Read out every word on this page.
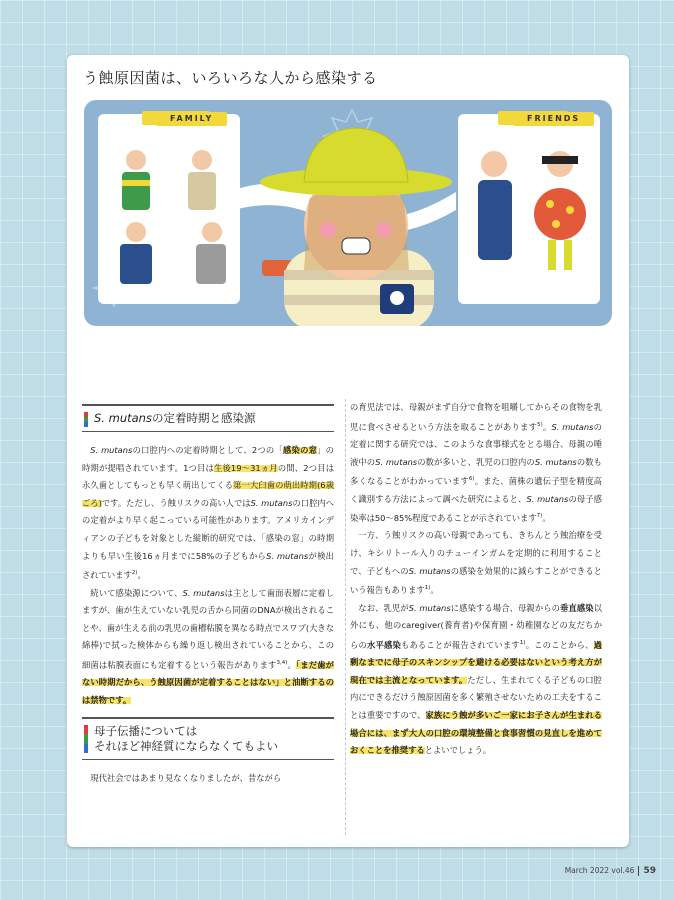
う蝕原因菌は、いろいろな人から感染する
FAMILY	FRIENDS
S. mutansの定着時期と感染源

S. mutansの口腔内への定着時期として、2つの「感染の窓」の時期が提唱されています。1つ目は生後19〜31ヵ月の間、2つ目は永久歯としてもっとも早く萌出してくる第一大臼歯の萌出時期(6歳ごろ)です。ただし、う蝕リスクの高い人ではS. mutansの口腔内への定着がより早く起こっている可能性があります。アメリカインディアンの子どもを対象とした縦断的研究では、「感染の窓」の時期よりも早い生後16ヵ月までに58%の子どもからS. mutansが検出されています$^{2)}$。

続いて感染源について、S. mutansは主として歯面表層に定着しますが、歯が生えていない乳児の舌から同菌のDNAが検出されることや、歯が生える前の乳児の歯槽粘膜を異なる時点でスワブ(大きな綿棒)で拭った検体からも繰り返し検出されていることから、この細菌は粘膜表面にも定着するという報告があります$^{3,4)}$。「まだ歯がない時期だから、う蝕原因菌が定着することはない」と油断するのは禁物です。

母子伝播については
それほど神経質にならなくてもよい

現代社会ではあまり見なくなりましたが、昔ながら

の育児法では、母親がまず自分で食物を咀嚼してからその食物を乳児に食べさせるという方法を取ることがあります$^{5)}$。S. mutansの定着に関する研究では、このような食事様式をとる場合、母親の唾液中のS. mutansの数が多いと、乳児の口腔内のS. mutansの数も多くなることがわかっています$^{6)}$。また、菌株の遺伝子型を精度高く識別する方法によって調べた研究によると、S. mutansの母子感染率は50〜85%程度であることが示されています$^{7)}$。

一方、う蝕リスクの高い母親であっても、きちんとう蝕治療を受け、キシリトール入りのチューインガムを定期的に利用することで、子どもへのS. mutansの感染を効果的に減らすことができるという報告もあります$^{1)}$。

なお、乳児がS. mutansに感染する場合、母親からの垂直感染以外にも、他のcaregiver(養育者)や保育園・幼稚園などの友だちからの水平感染もあることが報告されています$^{1)}$。このことから、過剰なまでに母子のスキンシップを避ける必要はないという考え方が現在では主流となっています。ただし、生まれてくる子どもの口腔内にできるだけう蝕原因菌を多く繁殖させないための工夫をすることは重要ですので、家族にう蝕が多いご一家にお子さんが生まれる場合には、まず大人の口腔の環境整備と食事習慣の見直しを進めておくことを推奨するとよいでしょう。

March 2022 vol.46 59
